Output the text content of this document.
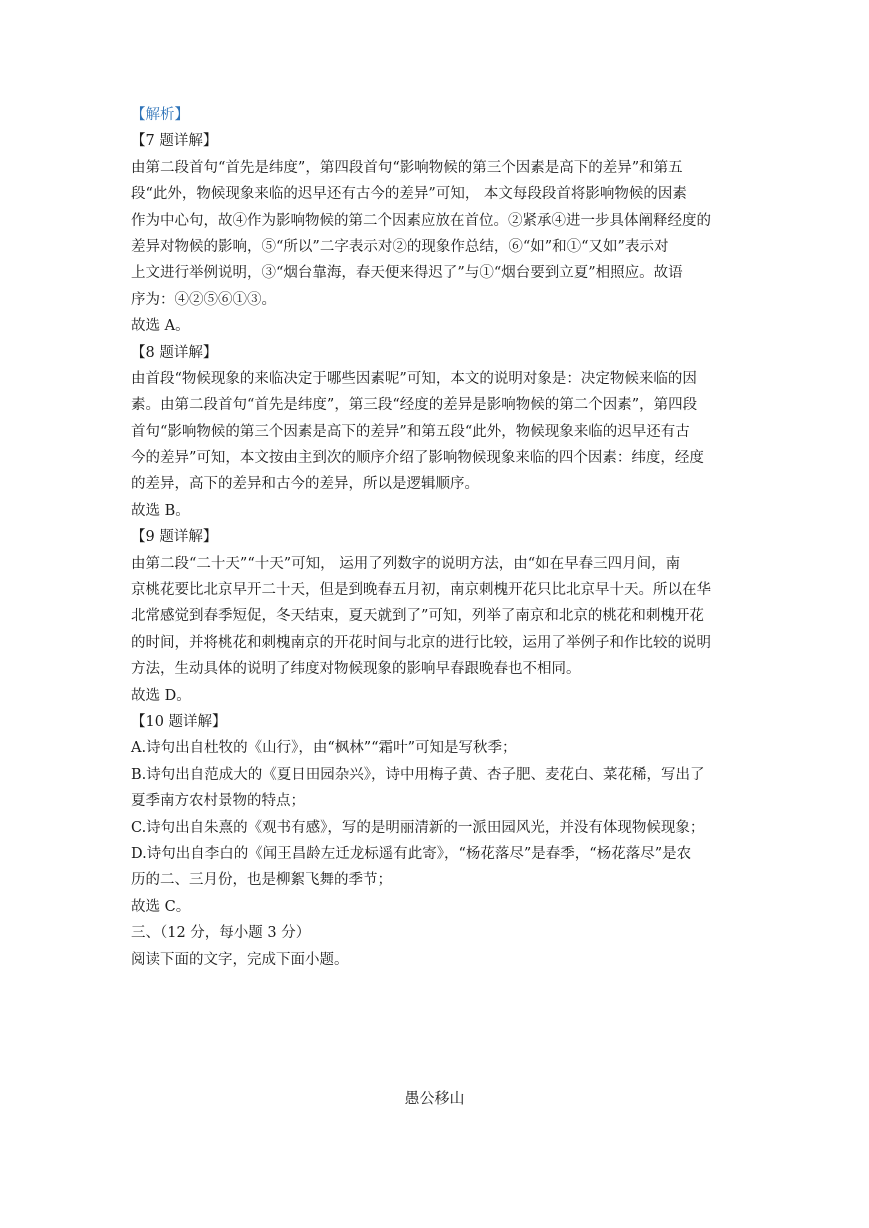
【解析】
【7 题详解】
由第二段首句“首先是纬度”，第四段首句“影响物候的第三个因素是高下的差异”和第五
段“此外，物候现象来临的迟早还有古今的差异”可知， 本文每段段首将影响物候的因素
作为中心句，故④作为影响物候的第二个因素应放在首位。②紧承④进一步具体阐释经度的
差异对物候的影响，⑤“所以”二字表示对②的现象作总结，⑥“如”和①“又如”表示对
上文进行举例说明，③“烟台靠海，春天便来得迟了”与①“烟台要到立夏”相照应。故语
序为：④②⑤⑥①③。
故选 A。
【8 题详解】
由首段“物候现象的来临决定于哪些因素呢”可知，本文的说明对象是：决定物候来临的因
素。由第二段首句“首先是纬度”，第三段“经度的差异是影响物候的第二个因素”，第四段
首句“影响物候的第三个因素是高下的差异”和第五段“此外，物候现象来临的迟早还有古
今的差异”可知，本文按由主到次的顺序介绍了影响物候现象来临的四个因素：纬度，经度
的差异，高下的差异和古今的差异，所以是逻辑顺序。
故选 B。
【9 题详解】
由第二段“二十天”“十天”可知， 运用了列数字的说明方法，由“如在早春三四月间，南
京桃花要比北京早开二十天，但是到晚春五月初，南京刺槐开花只比北京早十天。所以在华
北常感觉到春季短促，冬天结束，夏天就到了”可知，列举了南京和北京的桃花和刺槐开花
的时间，并将桃花和刺槐南京的开花时间与北京的进行比较，运用了举例子和作比较的说明
方法，生动具体的说明了纬度对物候现象的影响早春跟晚春也不相同。
故选 D。
【10 题详解】
A.诗句出自杜牧的《山行》，由“枫林”“霜叶”可知是写秋季；
B.诗句出自范成大的《夏日田园杂兴》，诗中用梅子黄、杏子肥、麦花白、菜花稀，写出了
夏季南方农村景物的特点；
C.诗句出自朱熹的《观书有感》，写的是明丽清新的一派田园风光，并没有体现物候现象；
D.诗句出自李白的《闻王昌龄左迁龙标遥有此寄》，“杨花落尽”是春季，“杨花落尽”是农
历的二、三月份，也是柳絮飞舞的季节；
故选 C。
三、（12 分，每小题 3 分）
阅读下面的文字，完成下面小题。
愚公移山
